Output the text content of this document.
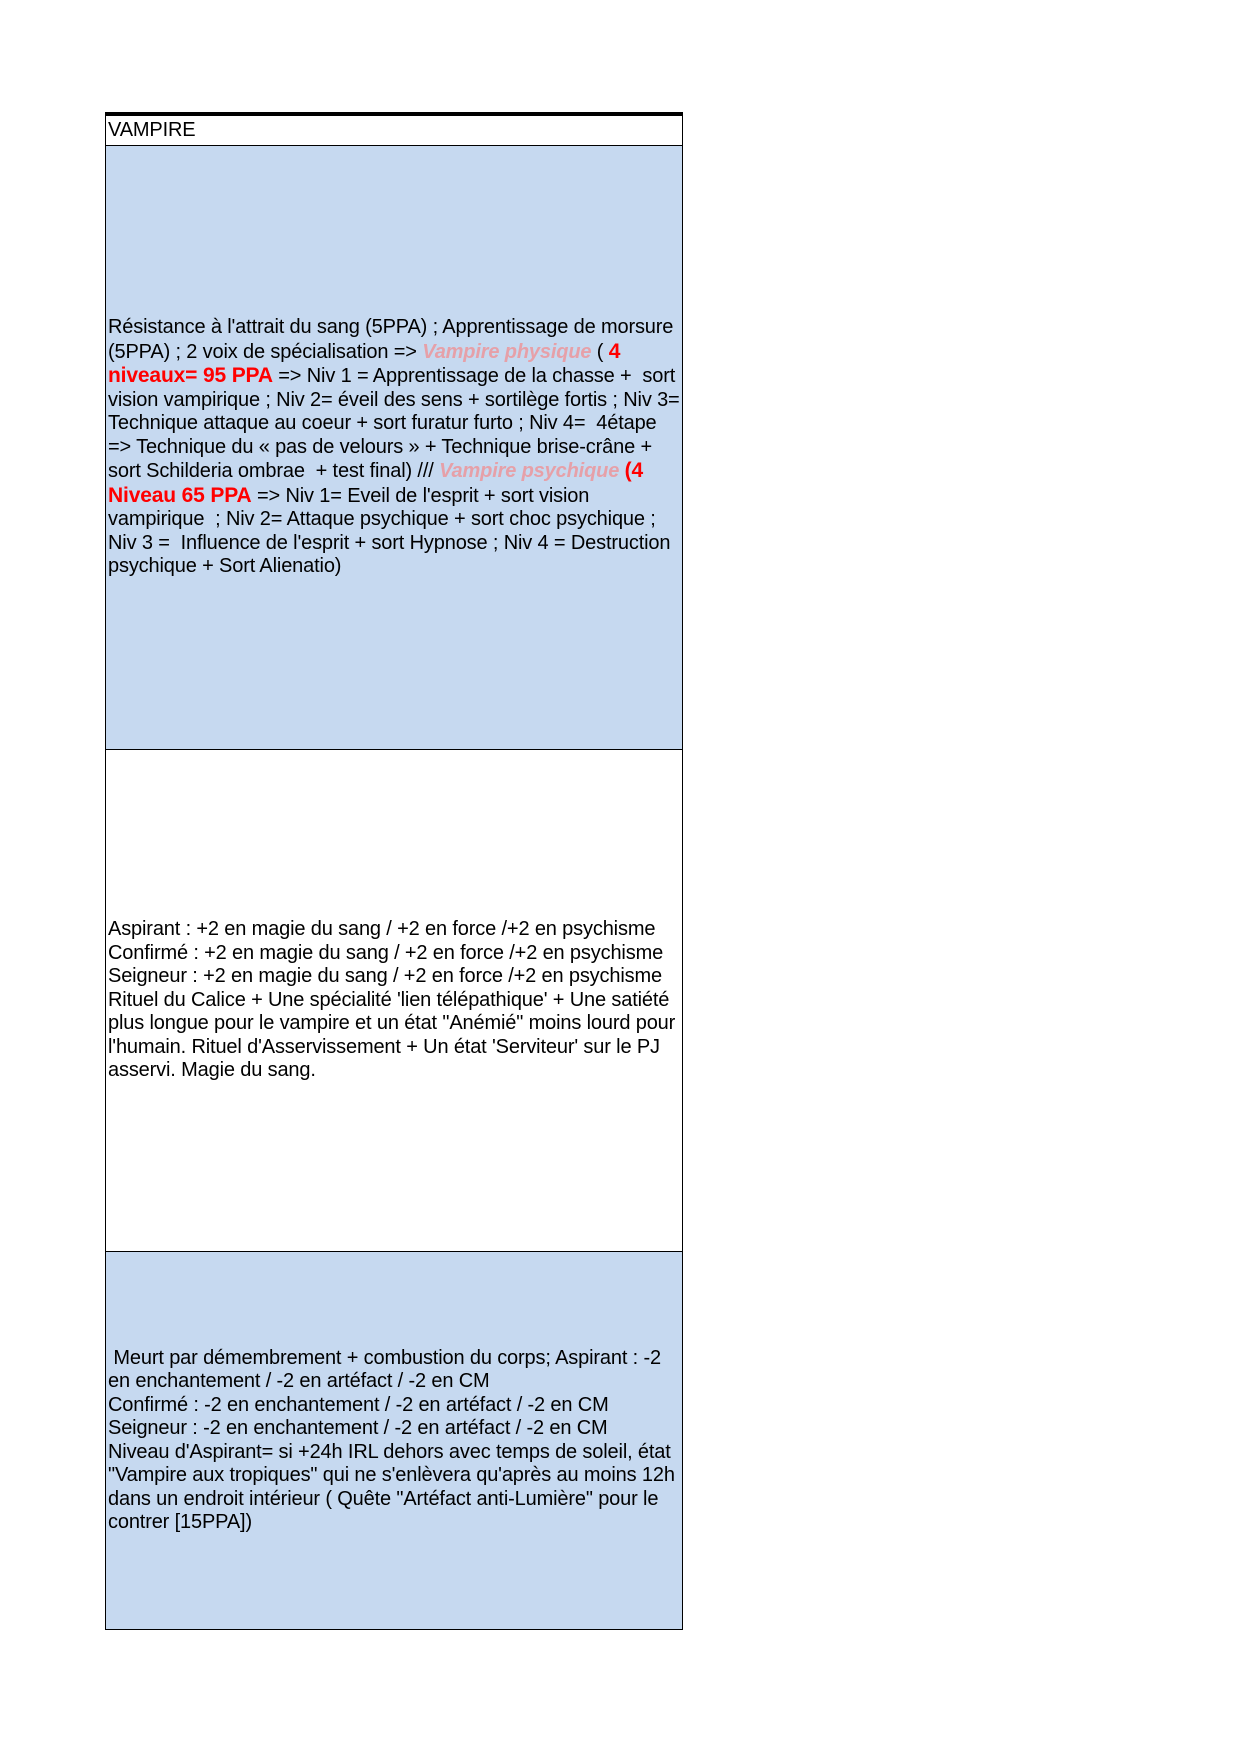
VAMPIRE
Résistance à l'attrait du sang (5PPA) ; Apprentissage de morsure (5PPA) ; 2 voix de spécialisation => Vampire physique ( 4 niveaux= 95 PPA => Niv 1 = Apprentissage de la chasse +  sort vision vampirique ; Niv 2= éveil des sens + sortilège fortis ; Niv 3= Technique attaque au coeur + sort furatur furto ; Niv 4=  4étape => Technique du « pas de velours » + Technique brise-crâne + sort Schilderia ombrae  + test final) /// Vampire psychique (4 Niveau 65 PPA => Niv 1= Eveil de l'esprit + sort vision vampirique  ; Niv 2= Attaque psychique + sort choc psychique ; Niv 3 =  Influence de l'esprit + sort Hypnose ; Niv 4 = Destruction psychique + Sort Alienatio)
Aspirant : +2 en magie du sang / +2 en force /+2 en psychisme
Confirmé : +2 en magie du sang / +2 en force /+2 en psychisme
Seigneur : +2 en magie du sang / +2 en force /+2 en psychisme
Rituel du Calice + Une spécialité 'lien télépathique' + Une satiété plus longue pour le vampire et un état "Anémié" moins lourd pour l'humain. Rituel d'Asservissement + Un état 'Serviteur' sur le PJ asservi. Magie du sang.
Meurt par démembrement + combustion du corps; Aspirant : -2 en enchantement / -2 en artéfact / -2 en CM
Confirmé : -2 en enchantement / -2 en artéfact / -2 en CM
Seigneur : -2 en enchantement / -2 en artéfact / -2 en CM
Niveau d'Aspirant= si +24h IRL dehors avec temps de soleil, état "Vampire aux tropiques" qui ne s'enlèvera qu'après au moins 12h dans un endroit intérieur ( Quête "Artéfact anti-Lumière" pour le contrer [15PPA])
